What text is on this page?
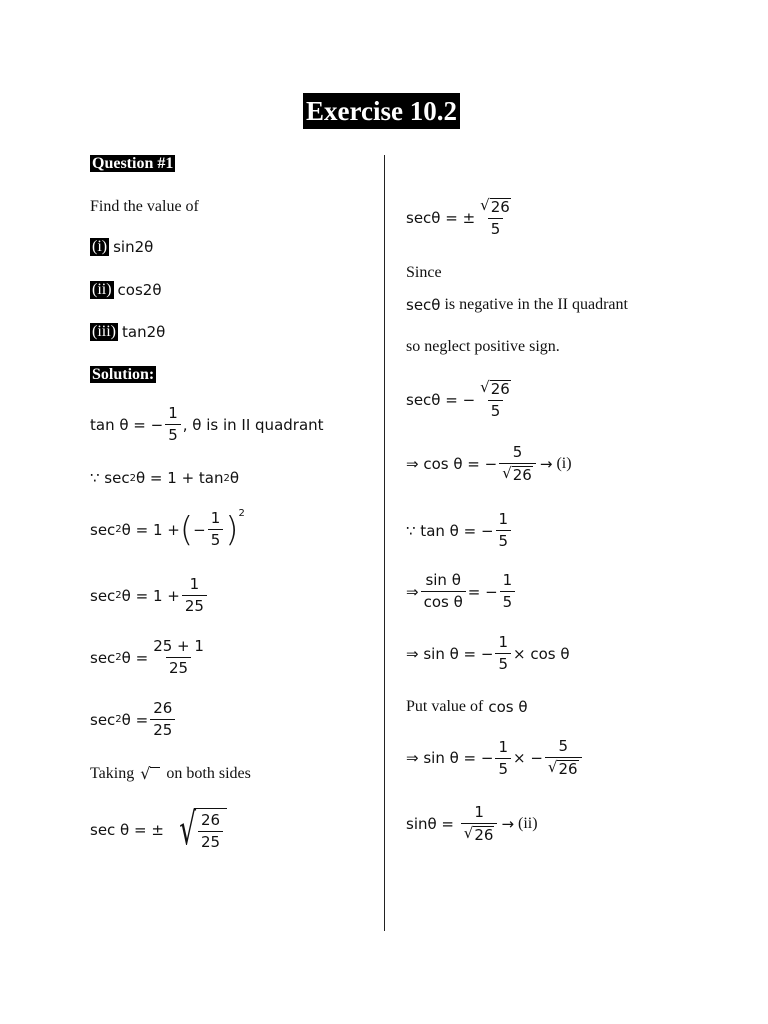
Exercise 10.2
Question #1
Find the value of
(i) sin2θ
(ii) cos2θ
(iii) tan2θ
Solution:
tan θ = − $\frac{1}{5}$ , θ is in II quadrant
∵ sec 2 θ = 1 + tan 2 θ
sec 2 θ = 1 + ( − $\frac{1}{5}$ ) 2
sec 2 $\theta = 1 + \frac{1}{25}$
sec 2 $\theta = \frac{25 + 1}{25}$
sec 2 $\theta = \frac{26}{25}$
Taking √	on both sides
sec θ = ± √ $\frac{26}{25}$
secθ = ± $\frac{√ 26}{5}$
Since
secθ is negative in the II quadrant
so neglect positive sign.
secθ = − $\frac{√ 26}{5}$
⇒ cos θ = − $\frac{5}{√ 26} \to (i)$
∵ tan θ = − $\frac{1}{5}$
⇒ $\frac{\text{sin θ}}{\text{cos θ}}$ = − $\frac{1}{5}$
⇒ sin θ = − $\frac{1}{5} \times \cos \theta$
Put value of cos θ
⇒ sin θ = − $\frac{1}{5}$ × − $\frac{5}{√ 26}$
$\sin\theta = \frac{1}{√ 26} \to (ii)$
